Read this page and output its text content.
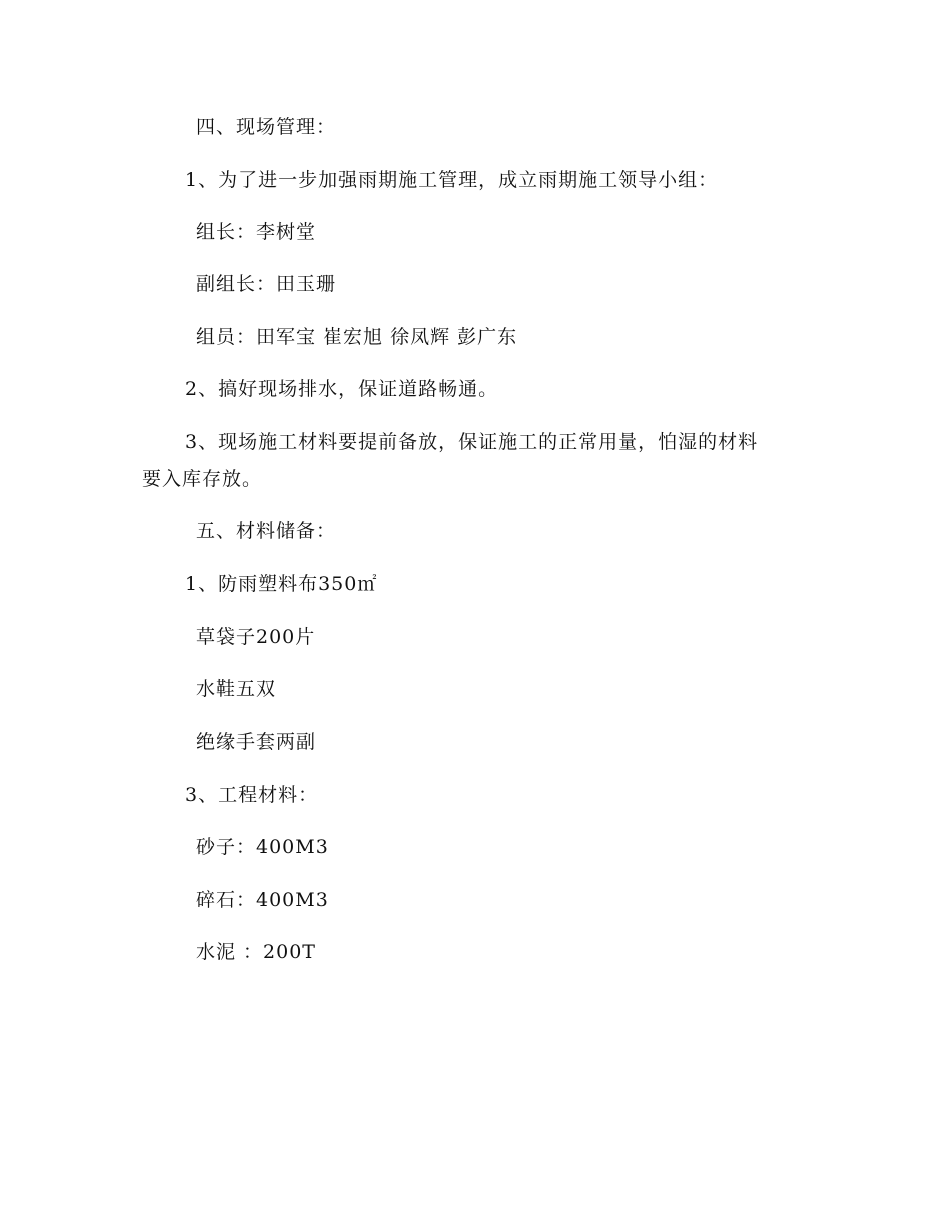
四、现场管理：
1、为了进一步加强雨期施工管理，成立雨期施工领导小组：
组长：李树堂
副组长：田玉珊
组员：田军宝 崔宏旭 徐凤辉 彭广东
2、搞好现场排水，保证道路畅通。
3、现场施工材料要提前备放，保证施工的正常用量，怕湿的材料
要入库存放。
五、材料储备：
1、防雨塑料布350㎡
草袋子200片
水鞋五双
绝缘手套两副
3、工程材料：
砂子：400M3
碎石：400M3
水泥 ：200T
